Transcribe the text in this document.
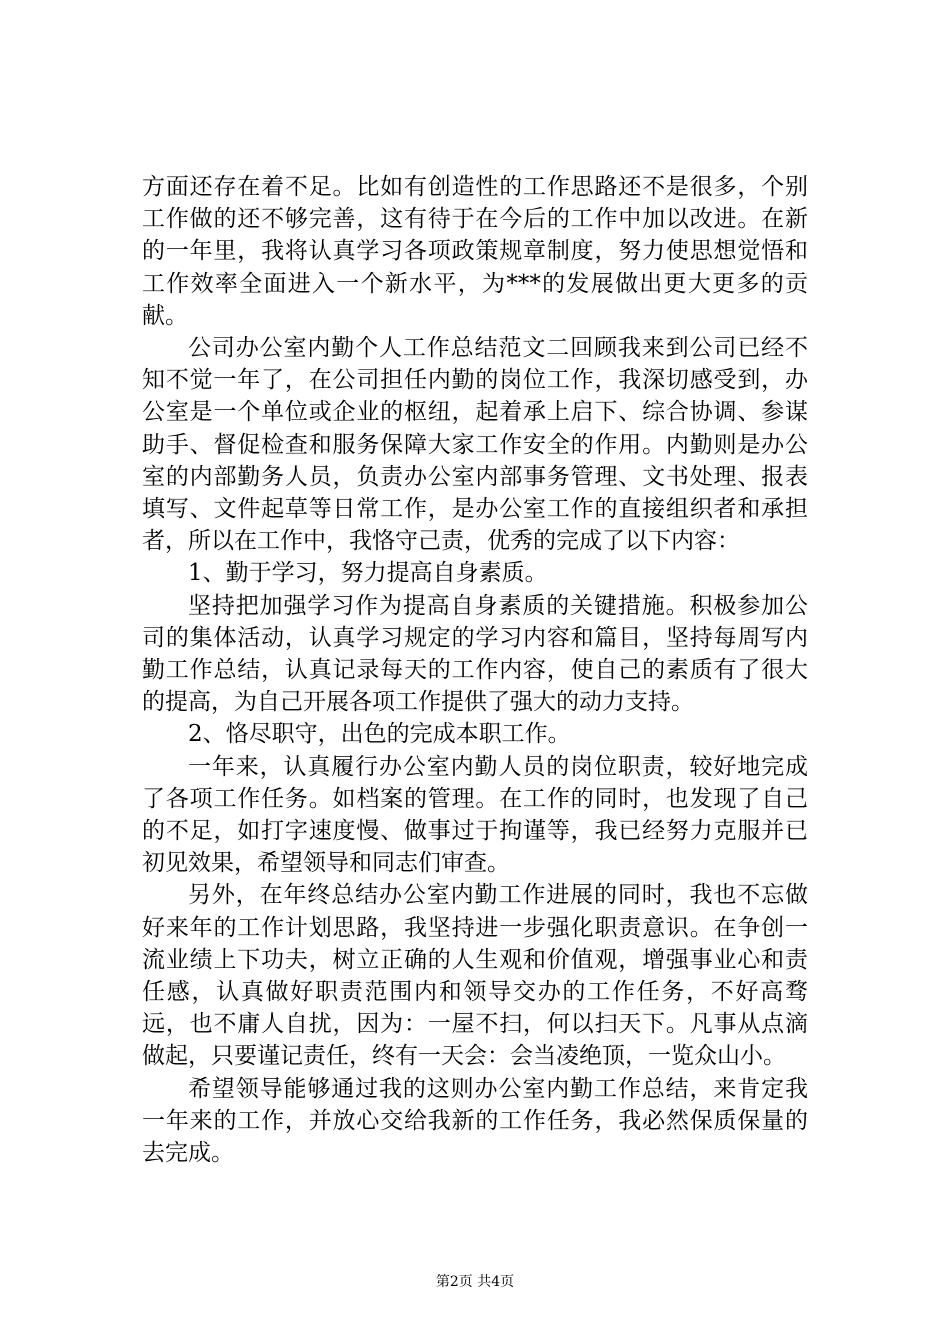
方面还存在着不足。比如有创造性的工作思路还不是很多，个别工作做的还不够完善，这有待于在今后的工作中加以改进。在新的一年里，我将认真学习各项政策规章制度，努力使思想觉悟和工作效率全面进入一个新水平，为***的发展做出更大更多的贡献。

公司办公室内勤个人工作总结范文二回顾我来到公司已经不知不觉一年了，在公司担任内勤的岗位工作，我深切感受到，办公室是一个单位或企业的枢纽，起着承上启下、综合协调、参谋助手、督促检查和服务保障大家工作安全的作用。内勤则是办公室的内部勤务人员，负责办公室内部事务管理、文书处理、报表填写、文件起草等日常工作，是办公室工作的直接组织者和承担者，所以在工作中，我恪守己责，优秀的完成了以下内容：

1、勤于学习，努力提高自身素质。

坚持把加强学习作为提高自身素质的关键措施。积极参加公司的集体活动，认真学习规定的学习内容和篇目，坚持每周写内勤工作总结，认真记录每天的工作内容，使自己的素质有了很大的提高，为自己开展各项工作提供了强大的动力支持。

2、恪尽职守，出色的完成本职工作。

一年来，认真履行办公室内勤人员的岗位职责，较好地完成了各项工作任务。如档案的管理。在工作的同时，也发现了自己的不足，如打字速度慢、做事过于拘谨等，我已经努力克服并已初见效果，希望领导和同志们审查。

另外，在年终总结办公室内勤工作进展的同时，我也不忘做好来年的工作计划思路，我坚持进一步强化职责意识。在争创一流业绩上下功夫，树立正确的人生观和价值观，增强事业心和责任感，认真做好职责范围内和领导交办的工作任务，不好高骛远，也不庸人自扰，因为：一屋不扫，何以扫天下。凡事从点滴做起，只要谨记责任，终有一天会：会当凌绝顶，一览众山小。

希望领导能够通过我的这则办公室内勤工作总结，来肯定我一年来的工作，并放心交给我新的工作任务，我必然保质保量的去完成。

第2页 共4页
